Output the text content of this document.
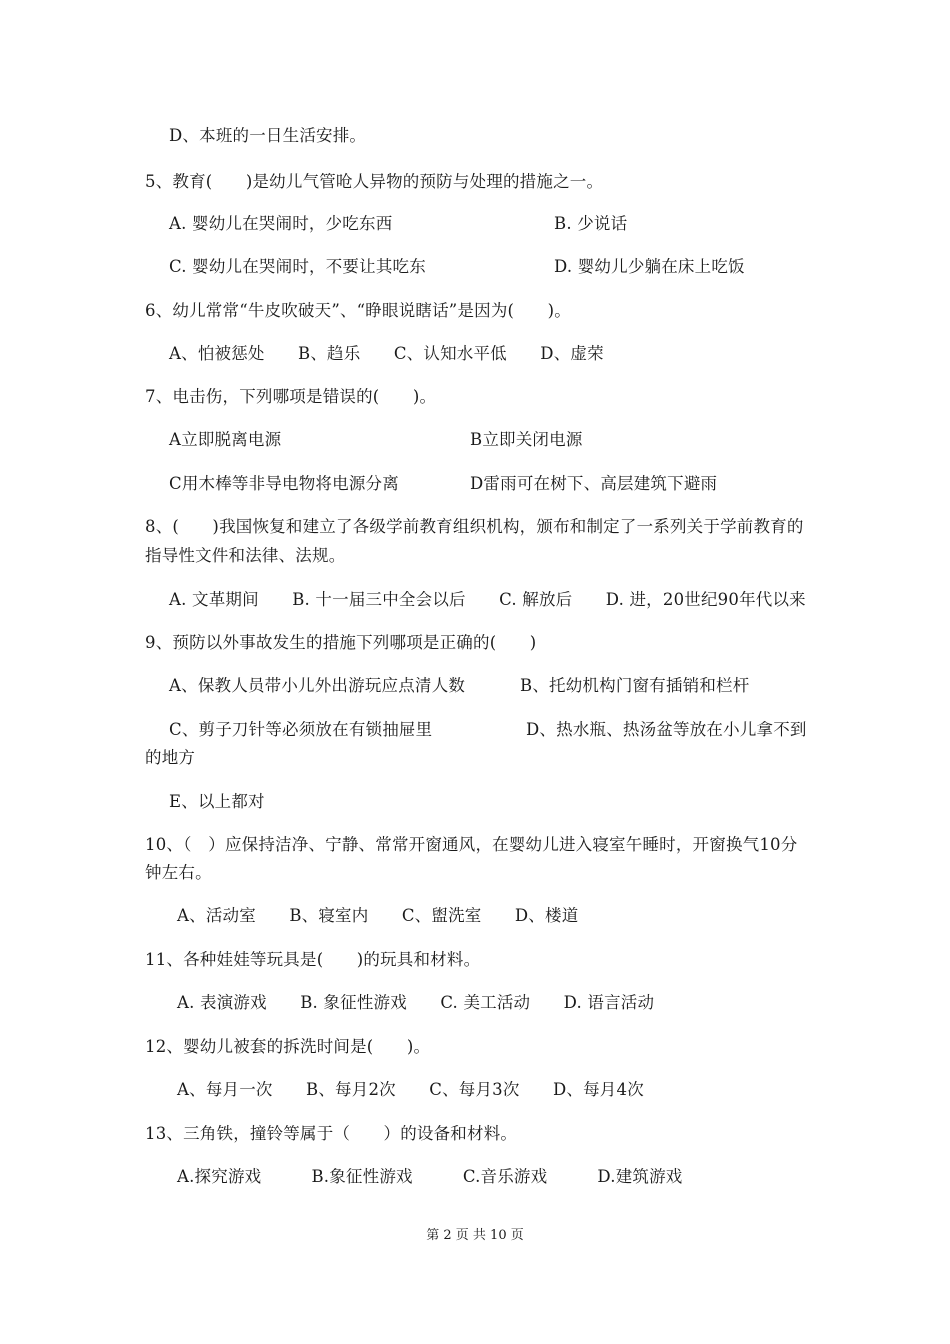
D、本班的一日生活安排。
5、教育(　　)是幼儿气管呛人异物的预防与处理的措施之一。
A. 婴幼儿在哭闹时，少吃东西	B. 少说话
C. 婴幼儿在哭闹时，不要让其吃东	D. 婴幼儿少躺在床上吃饭
6、幼儿常常“牛皮吹破天”、“睁眼说瞎话”是因为(　　)。
A、怕被惩处　　B、趋乐　　C、认知水平低　　D、虚荣
7、电击伤，下列哪项是错误的(　　)。
A立即脱离电源	B立即关闭电源
C用木棒等非导电物将电源分离	D雷雨可在树下、高层建筑下避雨
8、(　　)我国恢复和建立了各级学前教育组织机构，颁布和制定了一系列关于学前教育的
指导性文件和法律、法规。
A. 文革期间　　B. 十一届三中全会以后　　C. 解放后　　D. 进，20世纪90年代以来
9、预防以外事故发生的措施下列哪项是正确的(　　)
A、保教人员带小儿外出游玩应点清人数	B、托幼机构门窗有插销和栏杆
C、剪子刀针等必须放在有锁抽屉里	D、热水瓶、热汤盆等放在小儿拿不到
的地方
E、以上都对
10、（　）应保持洁净、宁静、常常开窗通风，在婴幼儿进入寝室午睡时，开窗换气10分
钟左右。
A、活动室　　B、寝室内　　C、盥洗室　　D、楼道
11、各种娃娃等玩具是(　　)的玩具和材料。
A. 表演游戏　　B. 象征性游戏　　C. 美工活动　　D. 语言活动
12、婴幼儿被套的拆洗时间是(　　)。
A、每月一次　　B、每月2次　　C、每月3次　　D、每月4次
13、三角铁，撞铃等属于（　　）的设备和材料。
A.探究游戏　　　B.象征性游戏　　　C.音乐游戏　　　D.建筑游戏
第 2 页 共 10 页
